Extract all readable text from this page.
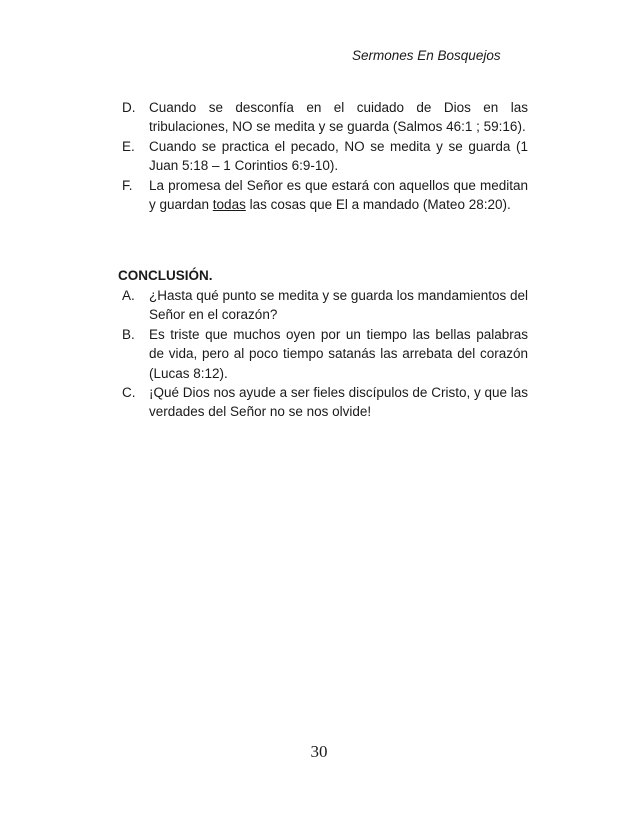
Sermones En Bosquejos
D.	Cuando se desconfía en el cuidado de Dios en las tribulaciones, NO se medita y se guarda (Salmos 46:1 ; 59:16).
E.	Cuando se practica el pecado, NO se medita y se guarda (1 Juan 5:18 – 1 Corintios 6:9-10).
F.	La promesa del Señor es que estará con aquellos que meditan y guardan todas las cosas que El a mandado (Mateo 28:20).
CONCLUSIÓN.
A.	¿Hasta qué punto se medita y se guarda los mandamientos del Señor en el corazón?
B.	Es triste que muchos oyen por un tiempo las bellas palabras de vida, pero al poco tiempo satanás las arrebata del corazón (Lucas 8:12).
C.	¡Qué Dios nos ayude a ser fieles discípulos de Cristo, y que las verdades del Señor no se nos olvide!
30
